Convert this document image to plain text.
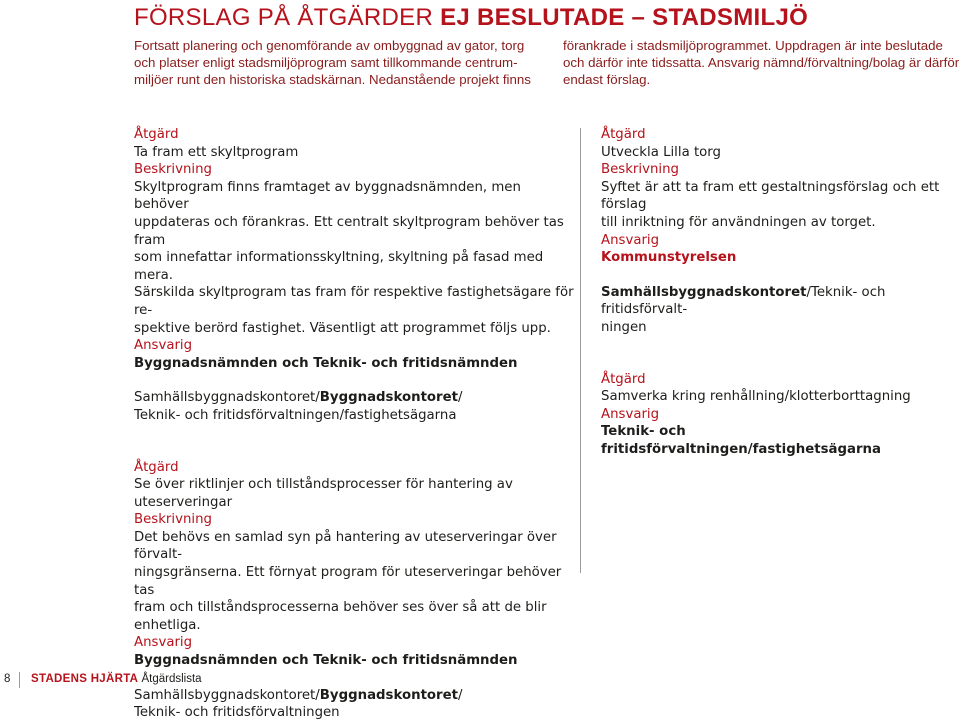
FÖRSLAG PÅ ÅTGÄRDER EJ BESLUTADE – STADSMILJÖ

Fortsatt planering och genomförande av ombyggnad av gator, torg
och platser enligt stadsmiljöprogram samt tillkommande centrum-
miljöer runt den historiska stadskärnan. Nedanstående projekt finns

förankrade i stadsmiljöprogrammet. Uppdragen är inte beslutade
och därför inte tidssatta. Ansvarig nämnd/förvaltning/bolag är därför
endast förslag.

Åtgärd

Ta fram ett skyltprogram

Beskrivning

Skyltprogram finns framtaget av byggnadsnämnden, men behöver
uppdateras och förankras. Ett centralt skyltprogram behöver tas fram
som innefattar informationsskyltning, skyltning på fasad med mera.
Särskilda skyltprogram tas fram för respektive fastighetsägare för re-
spektive berörd fastighet. Väsentligt att programmet följs upp.

Ansvarig

Byggnadsnämnden och Teknik- och fritidsnämnden

Samhällsbyggnadskontoret/Byggnadskontoret/

Teknik- och fritidsförvaltningen/fastighetsägarna

Åtgärd

Se över riktlinjer och tillståndsprocesser för hantering av uteserveringar

Beskrivning

Det behövs en samlad syn på hantering av uteserveringar över förvalt-
ningsgränserna. Ett förnyat program för uteserveringar behöver tas
fram och tillståndsprocesserna behöver ses över så att de blir enhetliga.

Ansvarig

Byggnadsnämnden och Teknik- och fritidsnämnden

Samhällsbyggnadskontoret/Byggnadskontoret/

Teknik- och fritidsförvaltningen

Åtgärd

Utveckla Lilla torg

Beskrivning

Syftet är att ta fram ett gestaltningsförslag och ett förslag
till inriktning för användningen av torget.

Ansvarig

Kommunstyrelsen

Samhällsbyggnadskontoret/Teknik- och fritidsförvalt-

ningen

Åtgärd

Samverka kring renhållning/klotterborttagning

Ansvarig

Teknik- och fritidsförvaltningen/fastighetsägarna

8 STADENS HJÄRTA Åtgärdslista
